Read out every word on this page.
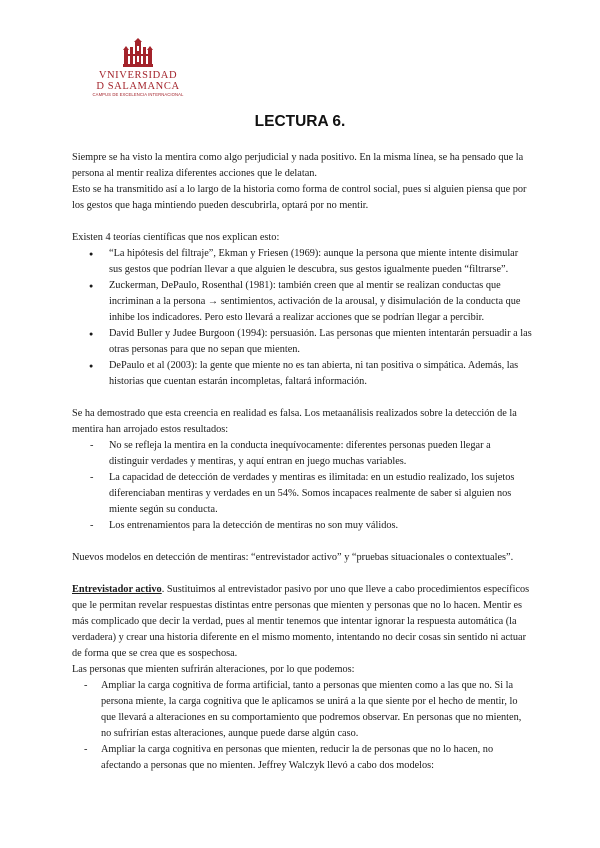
VNIVERSIDAD
D SALAMANCA
CAMPUS DE EXCELENCIA INTERNACIONAL
LECTURA 6.

Siempre se ha visto la mentira como algo perjudicial y nada positivo. En la misma línea, se ha pensado que la persona al mentir realiza diferentes acciones que le delatan.

Esto se ha transmitido así a lo largo de la historia como forma de control social, pues si alguien piensa que por los gestos que haga mintiendo pueden descubrirla, optará por no mentir.

Existen 4 teorías científicas que nos explican esto:

● “La hipótesis del filtraje”, Ekman y Friesen (1969): aunque la persona que miente intente disimular sus gestos que podrían llevar a que alguien le descubra, sus gestos igualmente pueden “filtrarse”.
● Zuckerman, DePaulo, Rosenthal (1981): también creen que al mentir se realizan conductas que incriminan a la persona → sentimientos, activación de la arousal, y disimulación de la conducta que inhibe los indicadores. Pero esto llevará a realizar acciones que se podrían llegar a percibir.
● David Buller y Judee Burgoon (1994): persuasión. Las personas que mienten intentarán persuadir a las otras personas para que no sepan que mienten.
● DePaulo et al (2003): la gente que miente no es tan abierta, ni tan positiva o simpática. Además, las historias que cuentan estarán incompletas, faltará información.

Se ha demostrado que esta creencia en realidad es falsa. Los metaanálisis realizados sobre la detección de la mentira han arrojado estos resultados:

- No se refleja la mentira en la conducta inequívocamente: diferentes personas pueden llegar a distinguir verdades y mentiras, y aquí entran en juego muchas variables.
- La capacidad de detección de verdades y mentiras es ilimitada: en un estudio realizado, los sujetos diferenciaban mentiras y verdades en un 54%. Somos incapaces realmente de saber si alguien nos miente según su conducta.
- Los entrenamientos para la detección de mentiras no son muy válidos.

Nuevos modelos en detección de mentiras: “entrevistador activo” y “pruebas situacionales o contextuales”.

Entrevistador activo. Sustituimos al entrevistador pasivo por uno que lleve a cabo procedimientos específicos que le permitan revelar respuestas distintas entre personas que mienten y personas que no lo hacen. Mentir es más complicado que decir la verdad, pues al mentir tenemos que intentar ignorar la respuesta automática (la verdadera) y crear una historia diferente en el mismo momento, intentando no decir cosas sin sentido ni actuar de forma que se crea que es sospechosa.

Las personas que mienten sufrirán alteraciones, por lo que podemos:

- Ampliar la carga cognitiva de forma artificial, tanto a personas que mienten como a las que no. Si la persona miente, la carga cognitiva que le aplicamos se unirá a la que siente por el hecho de mentir, lo que llevará a alteraciones en su comportamiento que podremos observar. En personas que no mienten, no sufrirían estas alteraciones, aunque puede darse algún caso.
- Ampliar la carga cognitiva en personas que mienten, reducir la de personas que no lo hacen, no afectando a personas que no mienten. Jeffrey Walczyk llevó a cabo dos modelos:
